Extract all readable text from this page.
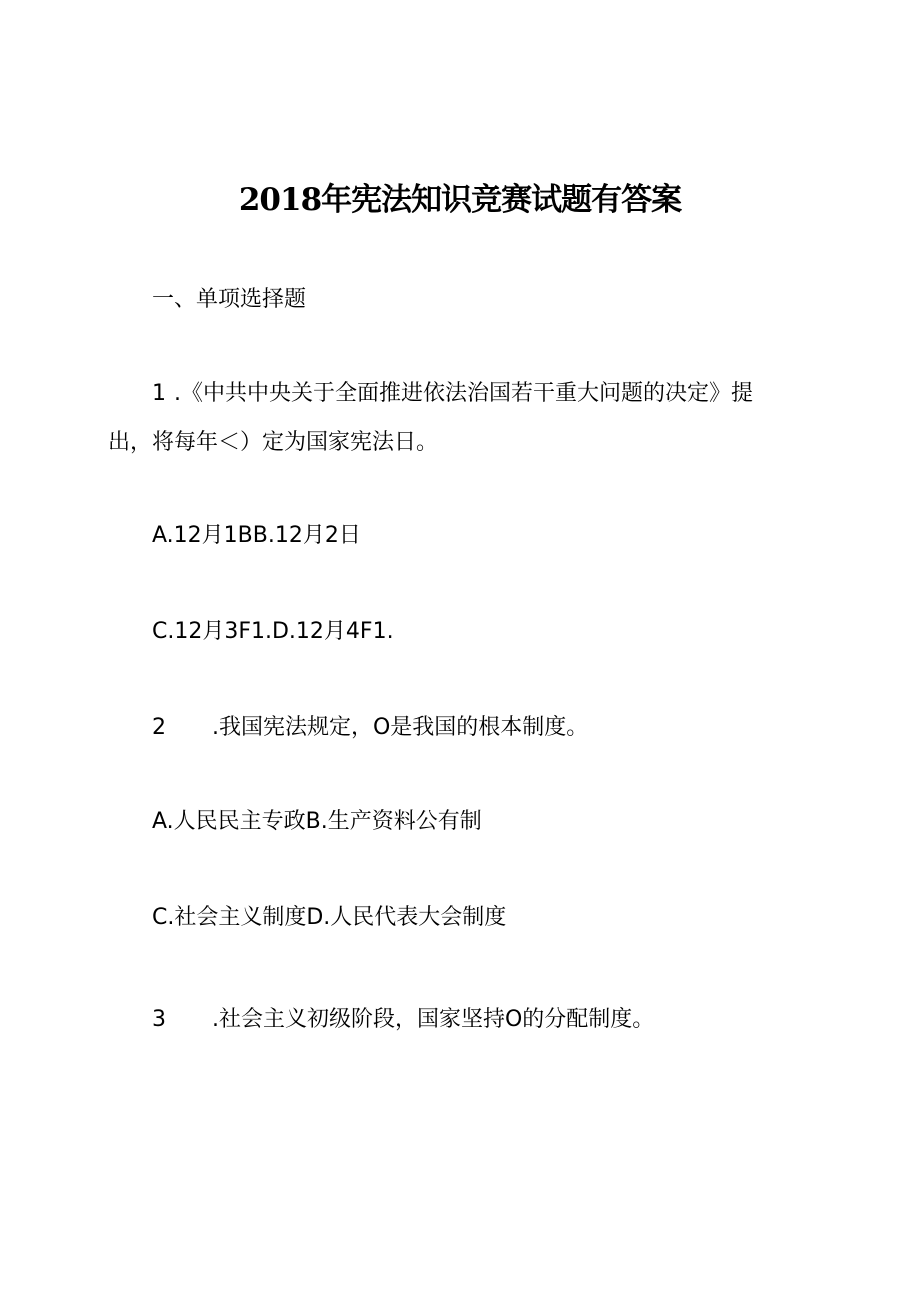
2018年宪法知识竞赛试题有答案
一、单项选择题
1 .《中共中央关于全面推进依法治国若干重大问题的决定》提
出，将每年＜）定为国家宪法日。
A.12月1BB.12月2日
C.12月3F1.D.12月4F1.
2 .我国宪法规定，O是我国的根本制度。
A.人民民主专政B.生产资料公有制
C.社会主义制度D.人民代表大会制度
3 .社会主义初级阶段，国家坚持O的分配制度。
